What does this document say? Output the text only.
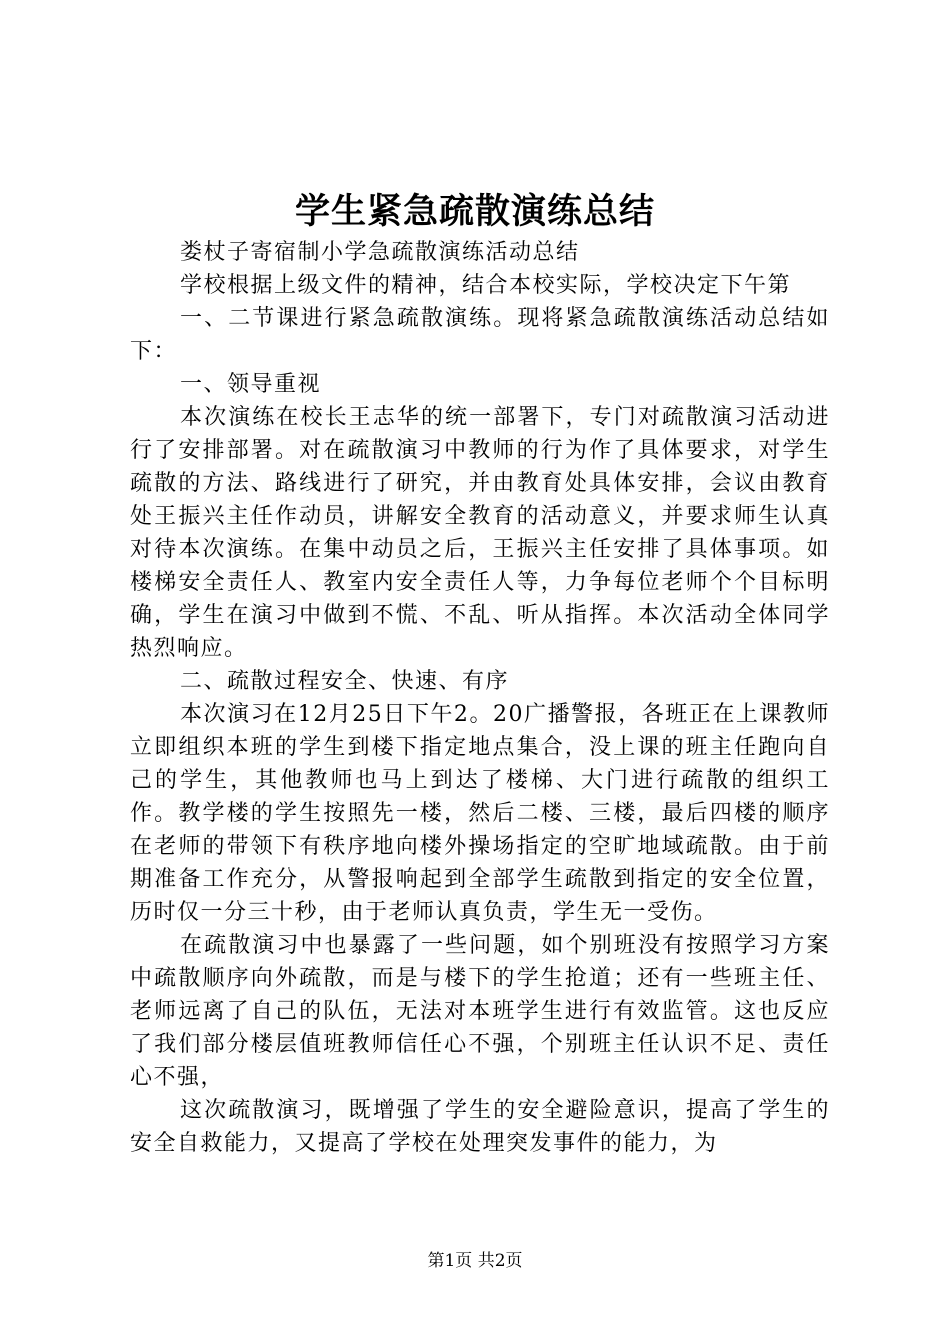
学生紧急疏散演练总结

娄杖子寄宿制小学急疏散演练活动总结

学校根据上级文件的精神，结合本校实际，学校决定下午第

一、二节课进行紧急疏散演练。现将紧急疏散演练活动总结如下：

一、领导重视

本次演练在校长王志华的统一部署下，专门对疏散演习活动进行了安排部署。对在疏散演习中教师的行为作了具体要求，对学生疏散的方法、路线进行了研究，并由教育处具体安排，会议由教育处王振兴主任作动员，讲解安全教育的活动意义，并要求师生认真对待本次演练。在集中动员之后，王振兴主任安排了具体事项。如楼梯安全责任人、教室内安全责任人等，力争每位老师个个目标明确，学生在演习中做到不慌、不乱、听从指挥。本次活动全体同学热烈响应。

二、疏散过程安全、快速、有序

本次演习在12月25日下午2。20广播警报，各班正在上课教师立即组织本班的学生到楼下指定地点集合，没上课的班主任跑向自己的学生，其他教师也马上到达了楼梯、大门进行疏散的组织工作。教学楼的学生按照先一楼，然后二楼、三楼，最后四楼的顺序在老师的带领下有秩序地向楼外操场指定的空旷地域疏散。由于前期准备工作充分，从警报响起到全部学生疏散到指定的安全位置，历时仅一分三十秒，由于老师认真负责，学生无一受伤。

在疏散演习中也暴露了一些问题，如个别班没有按照学习方案中疏散顺序向外疏散，而是与楼下的学生抢道；还有一些班主任、老师远离了自己的队伍，无法对本班学生进行有效监管。这也反应了我们部分楼层值班教师信任心不强，个别班主任认识不足、责任心不强，

这次疏散演习，既增强了学生的安全避险意识，提高了学生的安全自救能力，又提高了学校在处理突发事件的能力，为

第1页 共2页
